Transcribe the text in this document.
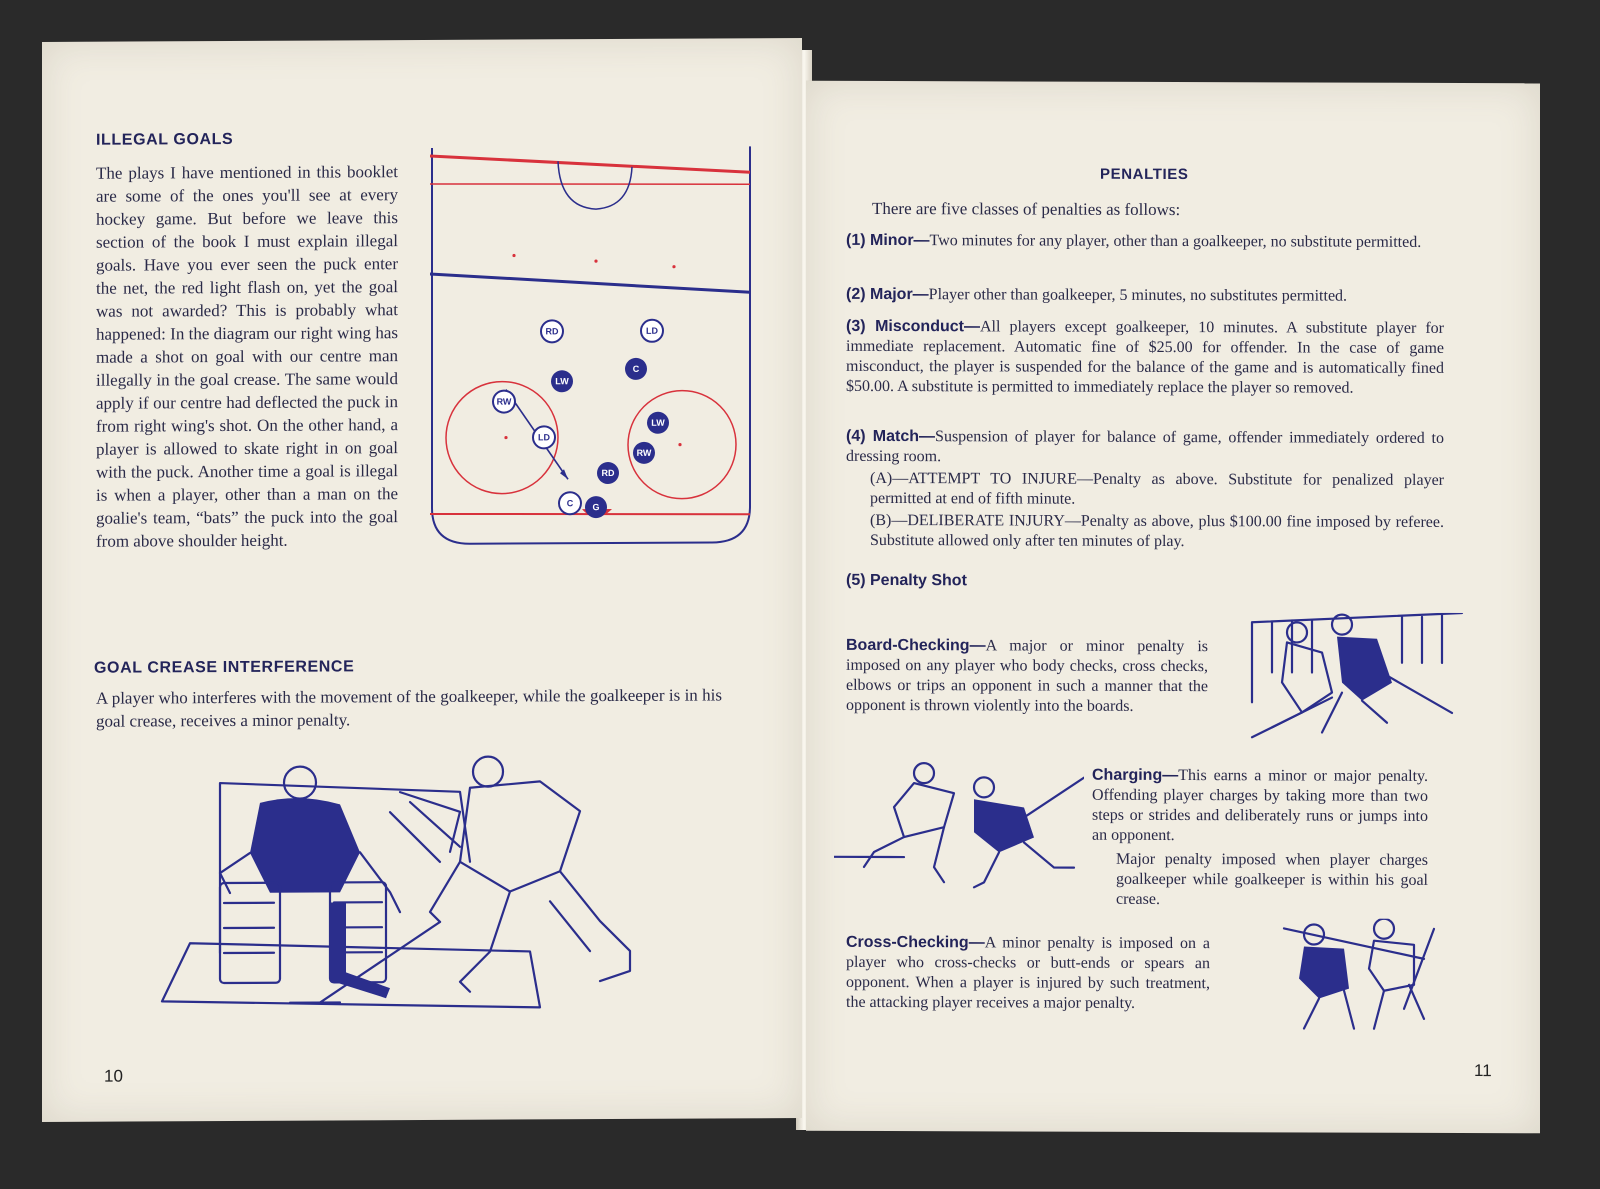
ILLEGAL GOALS
The plays I have mentioned in this booklet are some of the ones you'll see at every hockey game. But before we leave this section of the book I must explain illegal goals. Have you ever seen the puck enter the net, the red light flash on, yet the goal was not awarded? This is probably what happened: In the diagram our right wing has made a shot on goal with our centre man illegally in the goal crease. The same would apply if our centre had deflected the puck in from right wing's shot. On the other hand, a player is allowed to skate right in on goal with the puck. Another time a goal is illegal is when a player, other than a man on the goalie's team, “bats” the puck into the goal from above shoulder height.
RD	LD
LW
C
RW
LD
RD
LW
RW
C G
GOAL CREASE INTERFERENCE
A player who interferes with the movement of the goalkeeper, while the goalkeeper is in his goal crease, receives a minor penalty.
10
PENALTIES
There are five classes of penalties as follows:
(1) Minor—Two minutes for any player, other than a goalkeeper, no substitute permitted.
(2) Major—Player other than goalkeeper, 5 minutes, no substitutes permitted.
(3) Misconduct—All players except goalkeeper, 10 minutes. A substitute player for immediate replacement. Automatic fine of $25.00 for offender. In the case of game misconduct, the player is suspended for the balance of the game and is automatically fined $50.00. A substitute is permitted to immediately replace the player so removed.
(4) Match—Suspension of player for balance of game, offender immediately ordered to dressing room.
(A)—ATTEMPT TO INJURE—Penalty as above. Substitute for penalized player permitted at end of fifth minute.
(B)—DELIBERATE INJURY—Penalty as above, plus $100.00 fine imposed by referee. Substitute allowed only after ten minutes of play.
(5) Penalty Shot
Board-Checking—A major or minor penalty is imposed on any player who body checks, cross checks, elbows or trips an opponent in such a manner that the opponent is thrown violently into the boards.
Charging—This earns a minor or major penalty. Offending player charges by taking more than two steps or strides and deliberately runs or jumps into an opponent.
Major penalty imposed when player charges goalkeeper while goalkeeper is within his goal crease.
Cross-Checking—A minor penalty is imposed on a player who cross-checks or butt-ends or spears an opponent. When a player is injured by such treatment, the attacking player receives a major penalty.
11
